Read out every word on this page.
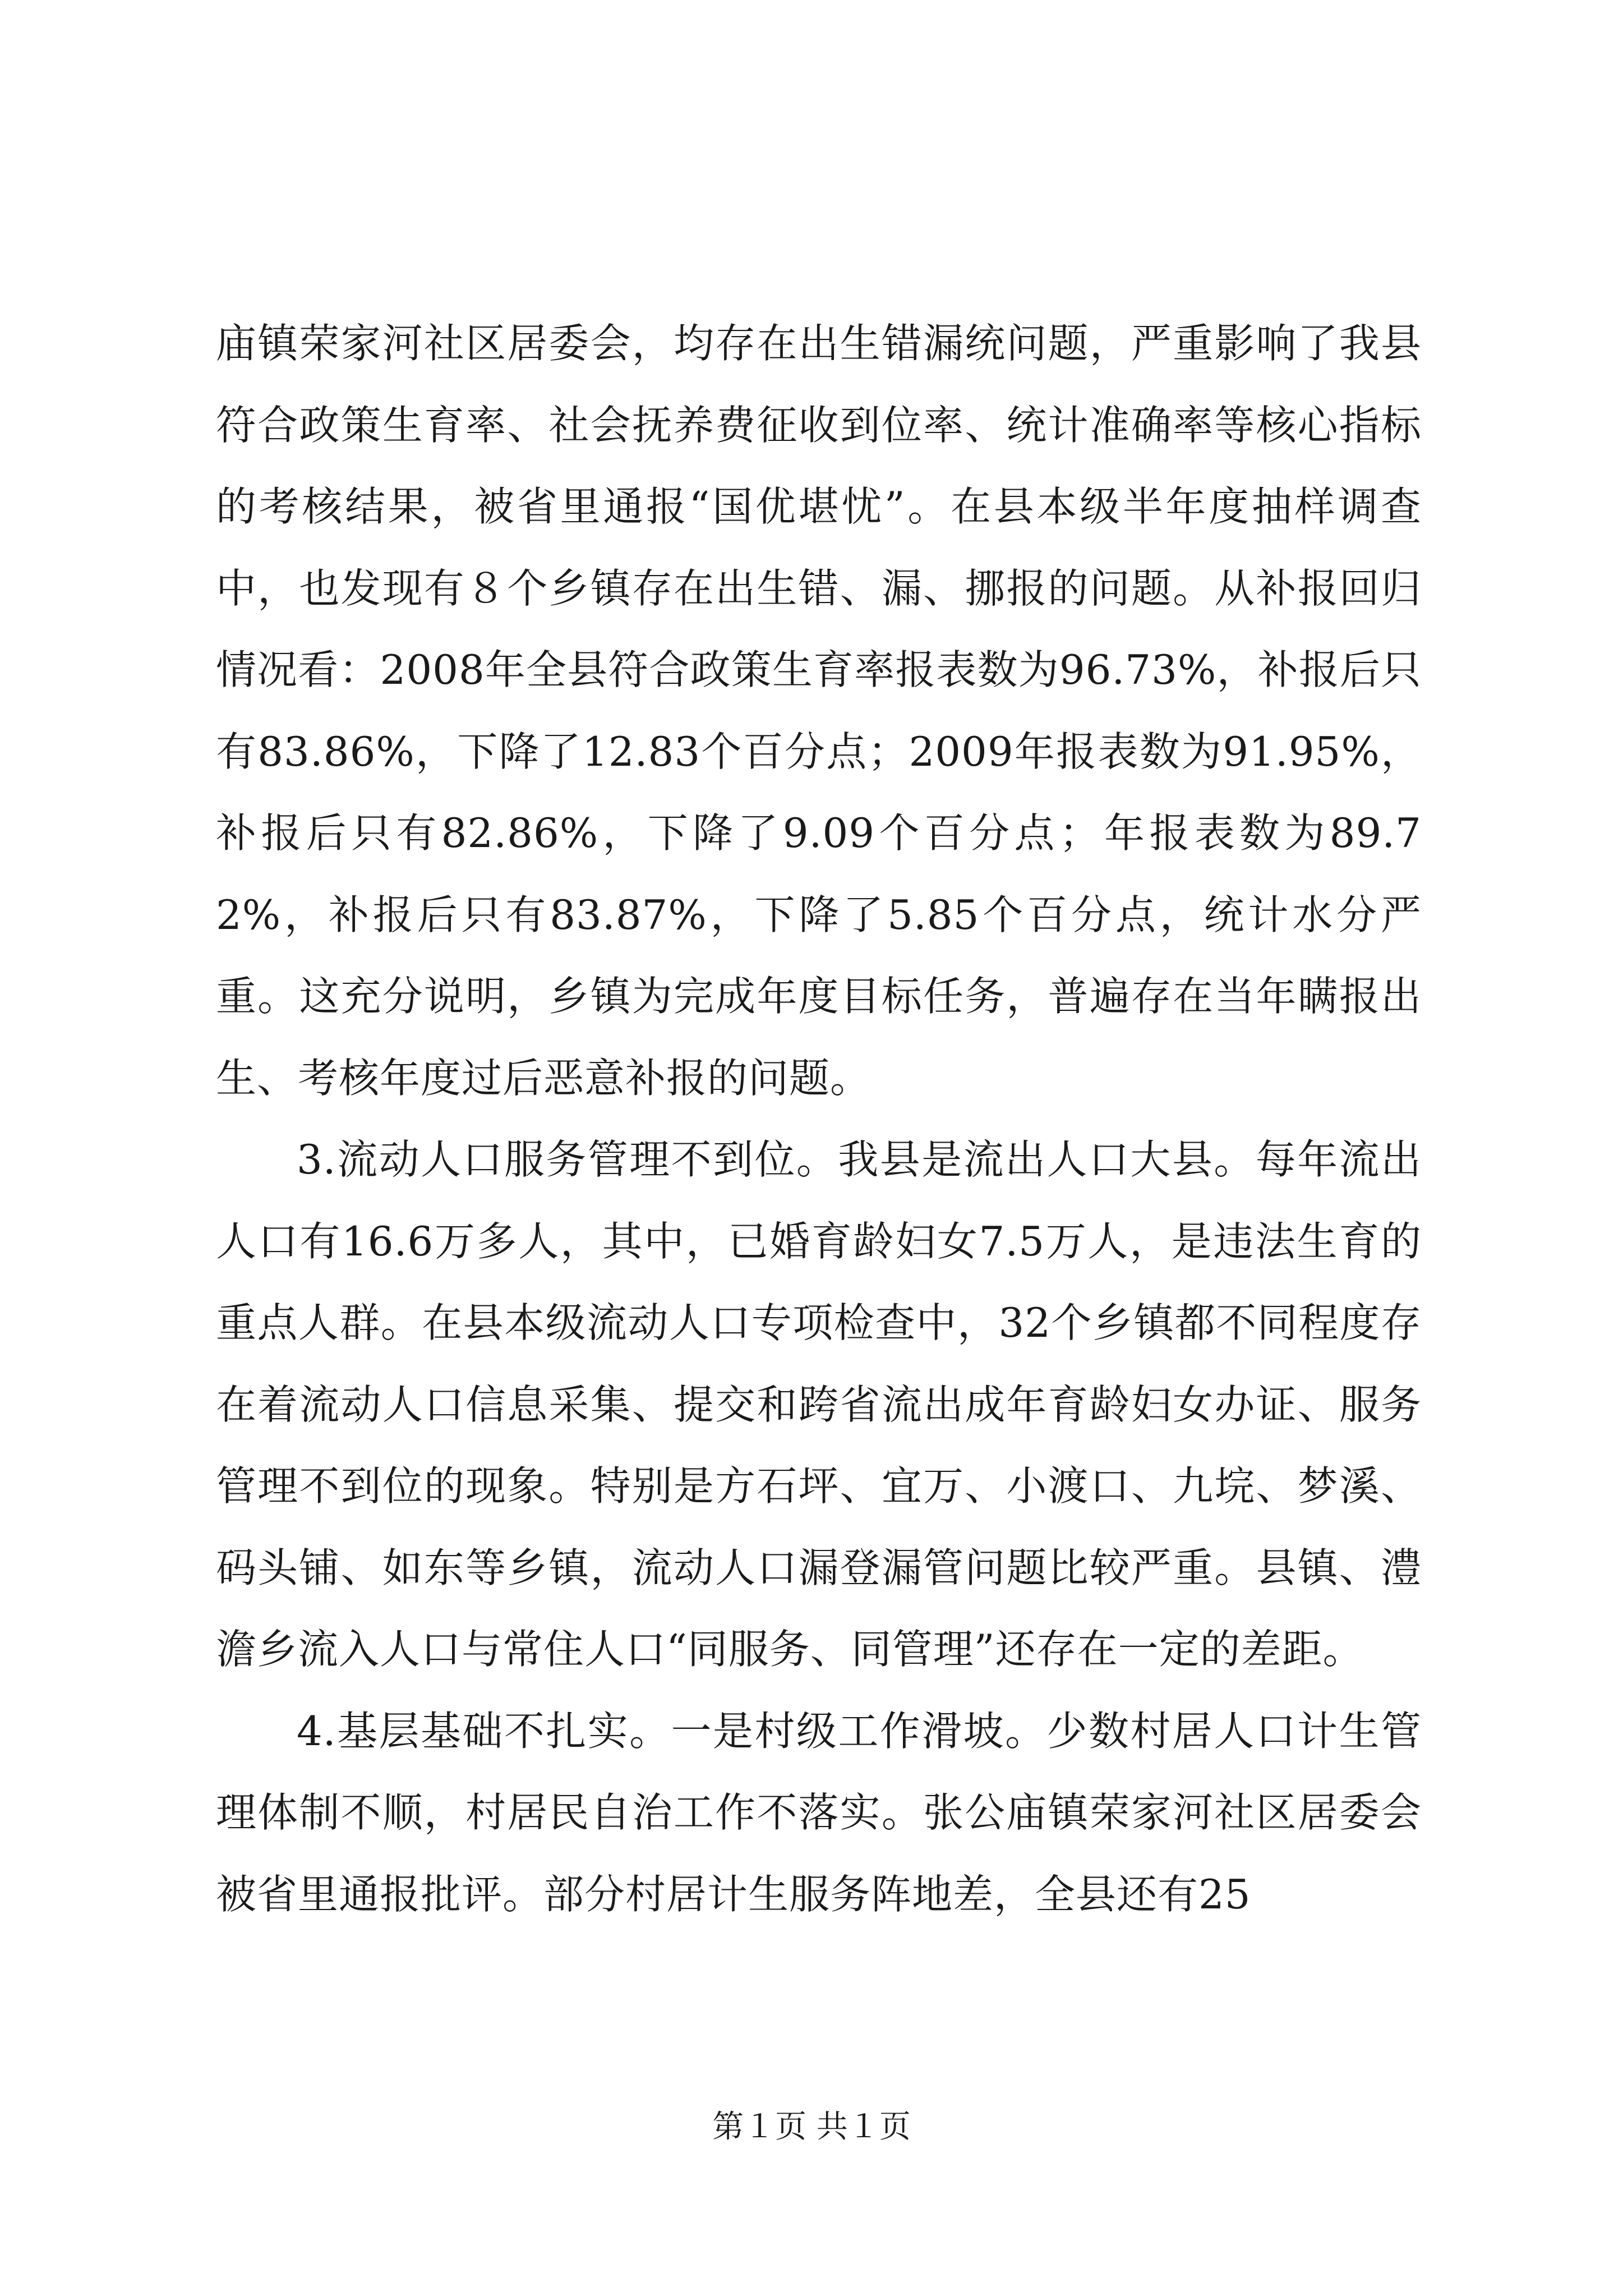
庙镇荣家河社区居委会，均存在出生错漏统问题，严重影响了我县符合政策生育率、社会抚养费征收到位率、统计准确率等核心指标的考核结果，被省里通报“国优堪忧”。在县本级半年度抽样调查中，也发现有８个乡镇存在出生错、漏、挪报的问题。从补报回归情况看：2008年全县符合政策生育率报表数为96.73%，补报后只有83.86%，下降了12.83个百分点；2009年报表数为91.95%，补报后只有82.86%，下降了9.09个百分点；年报表数为89.72%，补报后只有83.87%，下降了5.85个百分点，统计水分严重。这充分说明，乡镇为完成年度目标任务，普遍存在当年瞒报出生、考核年度过后恶意补报的问题。

3.流动人口服务管理不到位。我县是流出人口大县。每年流出人口有16.6万多人，其中，已婚育龄妇女7.5万人，是违法生育的重点人群。在县本级流动人口专项检查中，32个乡镇都不同程度存在着流动人口信息采集、提交和跨省流出成年育龄妇女办证、服务管理不到位的现象。特别是方石坪、宜万、小渡口、九垸、梦溪、码头铺、如东等乡镇，流动人口漏登漏管问题比较严重。县镇、澧澹乡流入人口与常住人口“同服务、同管理”还存在一定的差距。

4.基层基础不扎实。一是村级工作滑坡。少数村居人口计生管理体制不顺，村居民自治工作不落实。张公庙镇荣家河社区居委会被省里通报批评。部分村居计生服务阵地差，全县还有25

第１页 共１页
